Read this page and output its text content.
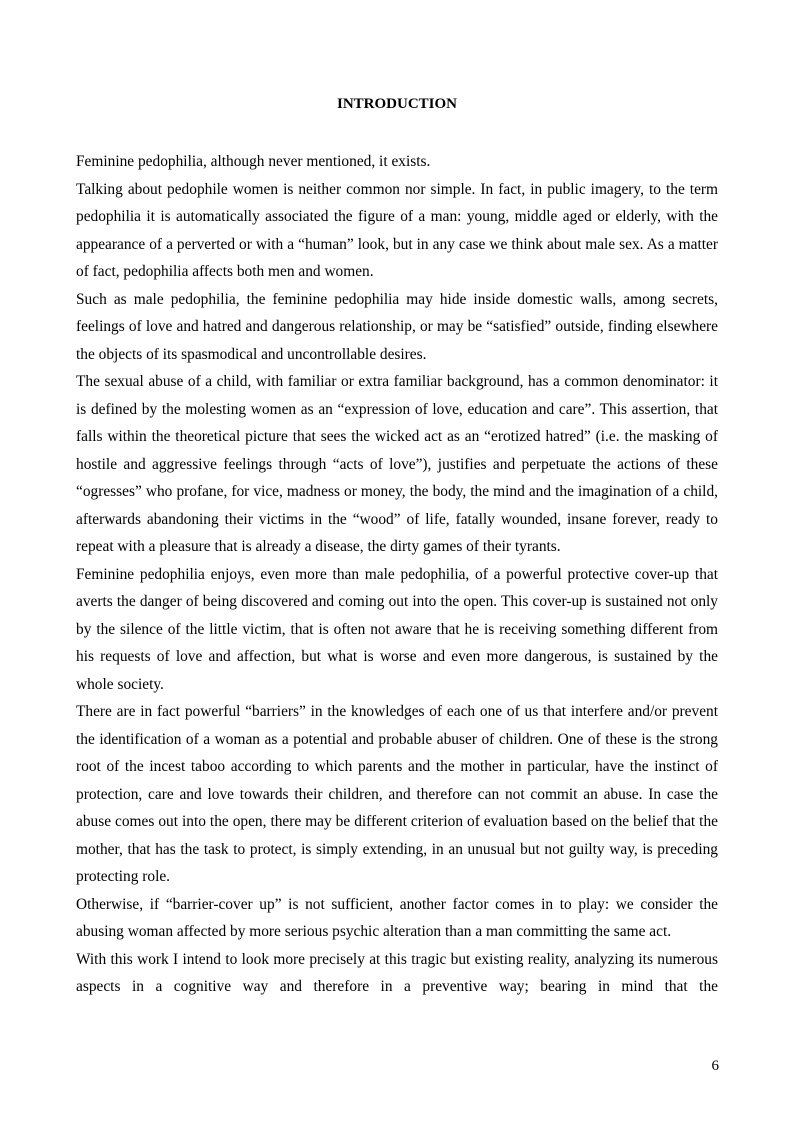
INTRODUCTION

Feminine pedophilia, although never mentioned, it exists.

Talking about pedophile women is neither common nor simple. In fact, in public imagery, to the term pedophilia it is automatically associated the figure of a man: young, middle aged or elderly, with the appearance of a perverted or with a “human” look, but in any case we think about male sex. As a matter of fact, pedophilia affects both men and women.

Such as male pedophilia, the feminine pedophilia may hide inside domestic walls, among secrets, feelings of love and hatred and dangerous relationship, or may be “satisfied” outside, finding elsewhere the objects of its spasmodical and uncontrollable desires.

The sexual abuse of a child, with familiar or extra familiar background, has a common denominator: it is defined by the molesting women as an “expression of love, education and care”. This assertion, that falls within the theoretical picture that sees the wicked act as an “erotized hatred” (i.e. the masking of hostile and aggressive feelings through “acts of love”), justifies and perpetuate the actions of these “ogresses” who profane, for vice, madness or money, the body, the mind and the imagination of a child, afterwards abandoning their victims in the “wood” of life, fatally wounded, insane forever, ready to repeat with a pleasure that is already a disease, the dirty games of their tyrants.

Feminine pedophilia enjoys, even more than male pedophilia, of a powerful protective cover-up that averts the danger of being discovered and coming out into the open. This cover-up is sustained not only by the silence of the little victim, that is often not aware that he is receiving something different from his requests of love and affection, but what is worse and even more dangerous, is sustained by the whole society.

There are in fact powerful “barriers” in the knowledges of each one of us that interfere and/or prevent the identification of a woman as a potential and probable abuser of children. One of these is the strong root of the incest taboo according to which parents and the mother in particular, have the instinct of protection, care and love towards their children, and therefore can not commit an abuse. In case the abuse comes out into the open, there may be different criterion of evaluation based on the belief that the mother, that has the task to protect, is simply extending, in an unusual but not guilty way, is preceding protecting role.

Otherwise, if “barrier-cover up” is not sufficient, another factor comes in to play: we consider the abusing woman affected by more serious psychic alteration than a man committing the same act.

With this work I intend to look more precisely at this tragic but existing reality, analyzing its numerous aspects in a cognitive way and therefore in a preventive way; bearing in mind that the

6
